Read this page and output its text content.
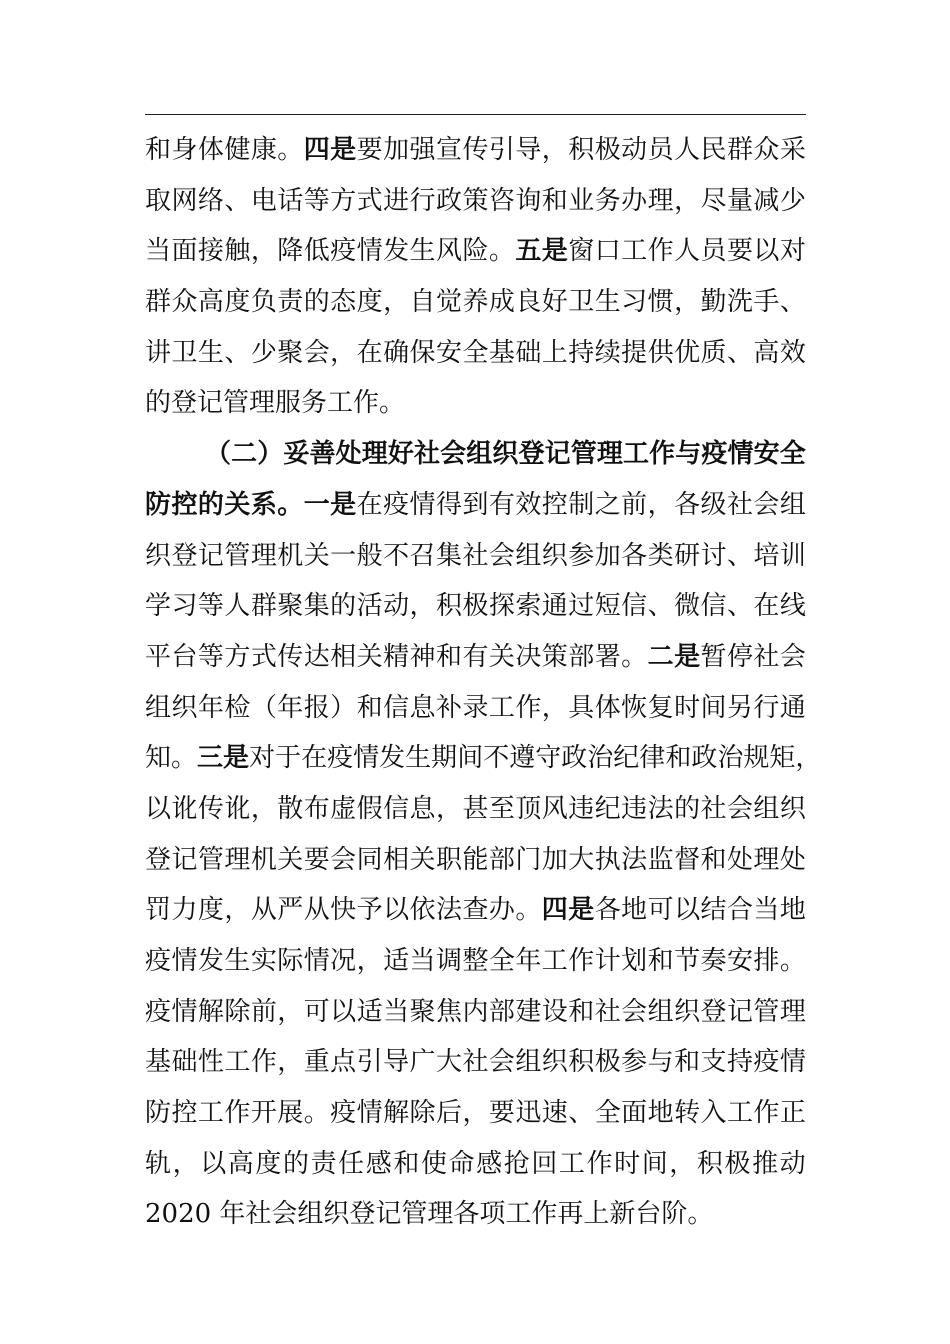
和 身 体 健 康 。 四 是 要 加 强 宣 传 引 导 ， 积 极 动 员 人 民 群 众 采
取 网 络 、 电 话 等 方 式 进 行 政 策 咨 询 和 业 务 办 理 ， 尽 量 减 少
当 面 接 触 ， 降 低 疫 情 发 生 风 险 。 五 是 窗 口 工 作 人 员 要 以 对
群 众 高 度 负 责 的 态 度 ， 自 觉 养 成 良 好 卫 生 习 惯 ， 勤 洗 手 、
讲 卫 生 、 少 聚 会 ， 在 确 保 安 全 基 础 上 持 续 提 供 优 质 、 高 效
的登记管理服务工作。
（ 二 ） 妥 善 处 理 好 社 会 组 织 登 记 管 理 工 作 与 疫 情 安 全
防 控 的 关 系 。 一 是 在 疫 情 得 到 有 效 控 制 之 前 ， 各 级 社 会 组
织 登 记 管 理 机 关 一 般 不 召 集 社 会 组 织 参 加 各 类 研 讨 、 培 训
学 习 等 人 群 聚 集 的 活 动 ， 积 极 探 索 通 过 短 信 、 微 信 、 在 线
平 台 等 方 式 传 达 相 关 精 神 和 有 关 决 策 部 署 。 二 是 暂 停 社 会
组 织 年 检 （ 年 报 ） 和 信 息 补 录 工 作 ， 具 体 恢 复 时 间 另 行 通
知 。 三 是 对 于 在 疫 情 发 生 期 间 不 遵 守 政 治 纪 律 和 政 治 规 矩 ，
以 讹 传 讹 ， 散 布 虚 假 信 息 ， 甚 至 顶 风 违 纪 违 法 的 社 会 组 织
登 记 管 理 机 关 要 会 同 相 关 职 能 部 门 加 大 执 法 监 督 和 处 理 处
罚 力 度 ， 从 严 从 快 予 以 依 法 查 办 。 四 是 各 地 可 以 结 合 当 地
疫 情 发 生 实 际 情 况 ， 适 当 调 整 全 年 工 作 计 划 和 节 奏 安 排 。
疫 情 解 除 前 ， 可 以 适 当 聚 焦 内 部 建 设 和 社 会 组 织 登 记 管 理
基 础 性 工 作 ， 重 点 引 导 广 大 社 会 组 织 积 极 参 与 和 支 持 疫 情
防 控 工 作 开 展 。 疫 情 解 除 后 ， 要 迅 速 、 全 面 地 转 入 工 作 正
轨 ， 以 高 度 的 责 任 感 和 使 命 感 抢 回 工 作 时 间 ， 积 极 推 动
2020 年社会组织登记管理各项工作再上新台阶。
